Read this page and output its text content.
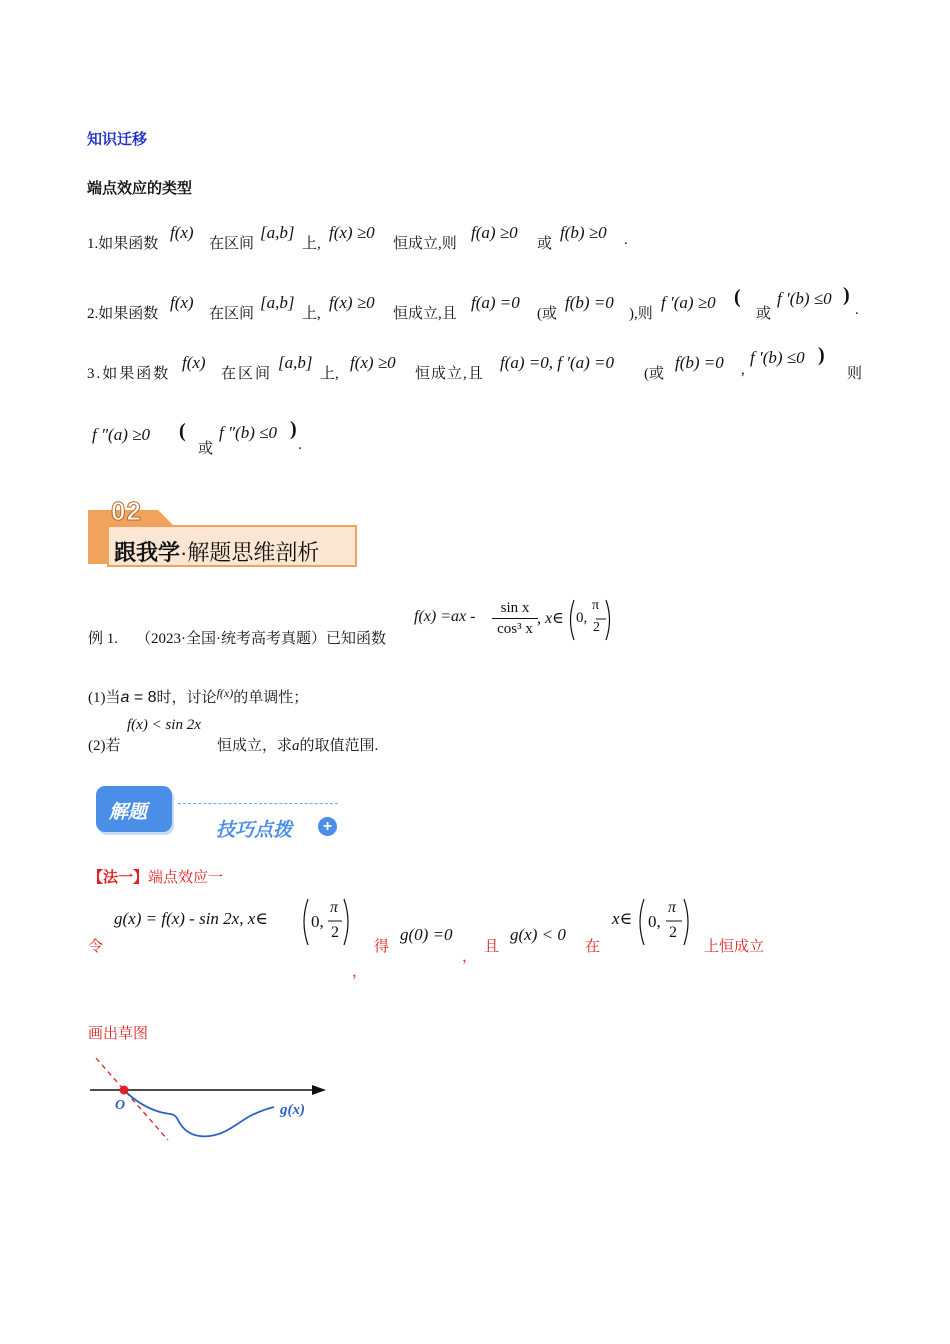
知识迁移
端点效应的类型
1.如果函数
f(x)
在区间
[a,b]
上,
f(x) ≥0
恒成立,则
f(a) ≥0
或
f(b) ≥0 .
2.如果函数
f(x)
在区间
[a,b]
上,
f(x) ≥0
恒成立,且
f(a) =0
(或
f(b) =0
),则
f ′(a) ≥0 (
或
f ′(b) ≤0 )
.
3.如果函数
f(x)
在区间
[a,b]
上,
f(x) ≥0
恒成立,且
f(a) =0, f ′(a) =0
(或
f(b) =0 ,
f ′(b) ≤0 )
则
f ″(a) ≥0 (
或
f ″(b) ≤0 )
.
02
跟我学·解题思维剖析
例 1. （2023·全国·统考高考真题）已知函数
$f(x) =ax - \frac{\text{sin x}}{\text{cos³ x}}$ , x∈ 0,
π
2
(1)当a = 8时，讨论$^{f(x)}$的单调性；
(2)若
f(x) < sin 2x
恒成立，求a的取值范围.
解题
技巧点拨	+
【法一】端点效应一
令
g(x) = f(x) - sin 2x, x∈	0,
π
2
，
得
g(0) =0
，
且
g(x) < 0
在
x∈ 0,
π
2
上恒成立
画出草图
O	g(x)
